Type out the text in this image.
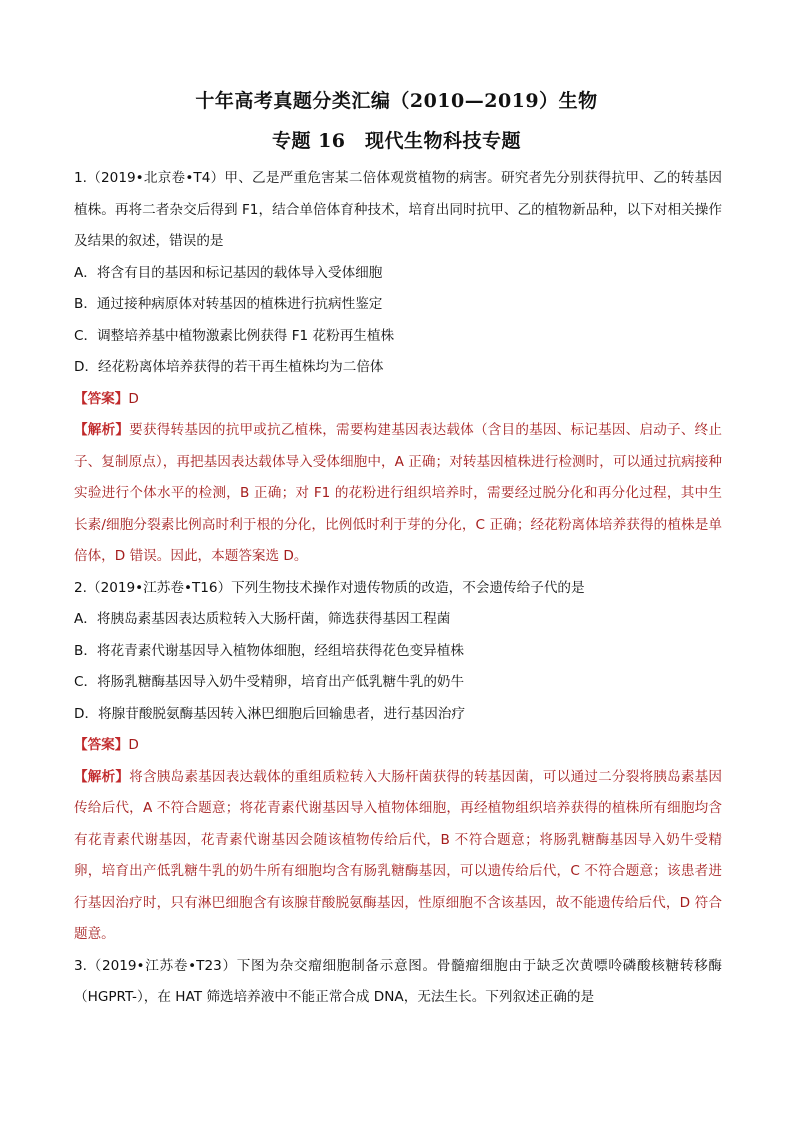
十年高考真题分类汇编（2010—2019）生物
专题 16　现代生物科技专题

1.（2019•北京卷•T4）甲、乙是严重危害某二倍体观赏植物的病害。研究者先分别获得抗甲、乙的转基因植株。再将二者杂交后得到 F1，结合单倍体育种技术，培育出同时抗甲、乙的植物新品种，以下对相关操作及结果的叙述，错误的是

A．将含有目的基因和标记基因的载体导入受体细胞

B．通过接种病原体对转基因的植株进行抗病性鉴定

C．调整培养基中植物激素比例获得 F1 花粉再生植株

D．经花粉离体培养获得的若干再生植株均为二倍体

【答案】D

【解析】要获得转基因的抗甲或抗乙植株，需要构建基因表达载体（含目的基因、标记基因、启动子、终止子、复制原点），再把基因表达载体导入受体细胞中，A 正确；对转基因植株进行检测时，可以通过抗病接种实验进行个体水平的检测，B 正确；对 F1 的花粉进行组织培养时，需要经过脱分化和再分化过程，其中生长素/细胞分裂素比例高时利于根的分化，比例低时利于芽的分化，C 正确；经花粉离体培养获得的植株是单倍体，D 错误。因此，本题答案选 D。

2.（2019•江苏卷•T16）下列生物技术操作对遗传物质的改造，不会遗传给子代的是

A．将胰岛素基因表达质粒转入大肠杆菌，筛选获得基因工程菌

B．将花青素代谢基因导入植物体细胞，经组培获得花色变异植株

C．将肠乳糖酶基因导入奶牛受精卵，培育出产低乳糖牛乳的奶牛

D．将腺苷酸脱氨酶基因转入淋巴细胞后回输患者，进行基因治疗

【答案】D

【解析】将含胰岛素基因表达载体的重组质粒转入大肠杆菌获得的转基因菌，可以通过二分裂将胰岛素基因传给后代，A 不符合题意；将花青素代谢基因导入植物体细胞，再经植物组织培养获得的植株所有细胞均含有花青素代谢基因，花青素代谢基因会随该植物传给后代，B 不符合题意；将肠乳糖酶基因导入奶牛受精卵，培育出产低乳糖牛乳的奶牛所有细胞均含有肠乳糖酶基因，可以遗传给后代，C 不符合题意；该患者进行基因治疗时，只有淋巴细胞含有该腺苷酸脱氨酶基因，性原细胞不含该基因，故不能遗传给后代，D 符合题意。

3.（2019•江苏卷•T23）下图为杂交瘤细胞制备示意图。骨髓瘤细胞由于缺乏次黄嘌呤磷酸核糖转移酶（HGPRT-），在 HAT 筛选培养液中不能正常合成 DNA，无法生长。下列叙述正确的是
